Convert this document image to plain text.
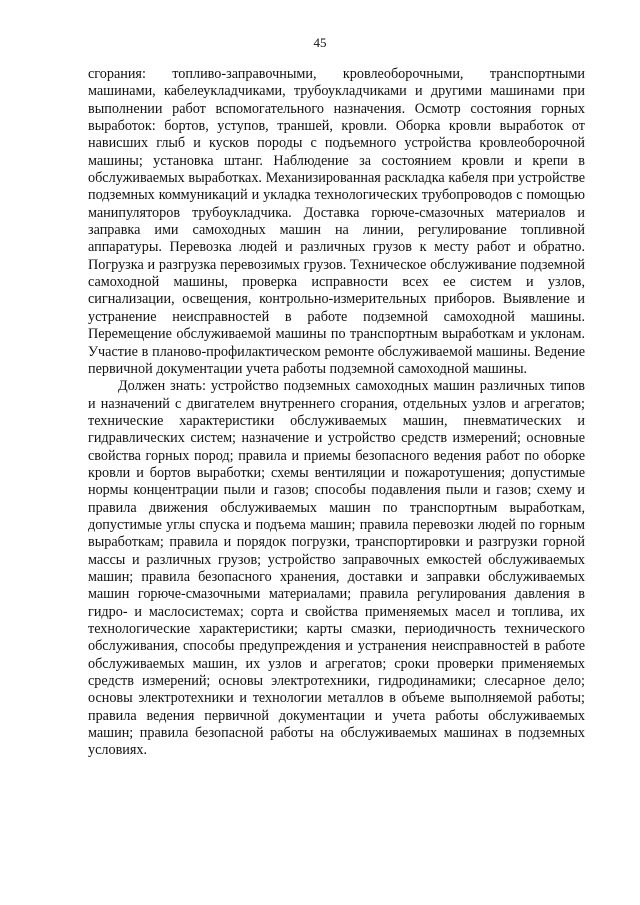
45

сгорания: топливо-заправочными, кровлеоборочными, транспортными машинами, кабелеукладчиками, трубоукладчиками и другими машинами при выполнении работ вспомогательного назначения. Осмотр состояния горных выработок: бортов, уступов, траншей, кровли. Оборка кровли выработок от нависших глыб и кусков породы с подъемного устройства кровлеоборочной машины; установка штанг. Наблюдение за состоянием кровли и крепи в обслуживаемых выработках. Механизированная раскладка кабеля при устройстве подземных коммуникаций и укладка технологических трубопроводов с помощью манипуляторов трубоукладчика. Доставка горюче-смазочных материалов и заправка ими самоходных машин на линии, регулирование топливной аппаратуры. Перевозка людей и различных грузов к месту работ и обратно. Погрузка и разгрузка перевозимых грузов. Техническое обслуживание подземной самоходной машины, проверка исправности всех ее систем и узлов, сигнализации, освещения, контрольно-измерительных приборов. Выявление и устранение неисправностей в работе подземной самоходной машины. Перемещение обслуживаемой машины по транспортным выработкам и уклонам. Участие в планово-профилактическом ремонте обслуживаемой машины. Ведение первичной документации учета работы подземной самоходной машины.

Должен знать: устройство подземных самоходных машин различных типов и назначений с двигателем внутреннего сгорания, отдельных узлов и агрегатов; технические характеристики обслуживаемых машин, пневматических и гидравлических систем; назначение и устройство средств измерений; основные свойства горных пород; правила и приемы безопасного ведения работ по оборке кровли и бортов выработки; схемы вентиляции и пожаротушения; допустимые нормы концентрации пыли и газов; способы подавления пыли и газов; схему и правила движения обслуживаемых машин по транспортным выработкам, допустимые углы спуска и подъема машин; правила перевозки людей по горным выработкам; правила и порядок погрузки, транспортировки и разгрузки горной массы и различных грузов; устройство заправочных емкостей обслуживаемых машин; правила безопасного хранения, доставки и заправки обслуживаемых машин горюче-смазочными материалами; правила регулирования давления в гидро- и маслосистемах; сорта и свойства применяемых масел и топлива, их технологические характеристики; карты смазки, периодичность технического обслуживания, способы предупреждения и устранения неисправностей в работе обслуживаемых машин, их узлов и агрегатов; сроки проверки применяемых средств измерений; основы электротехники, гидродинамики; слесарное дело; основы электротехники и технологии металлов в объеме выполняемой работы; правила ведения первичной документации и учета работы обслуживаемых машин; правила безопасной работы на обслуживаемых машинах в подземных условиях.
